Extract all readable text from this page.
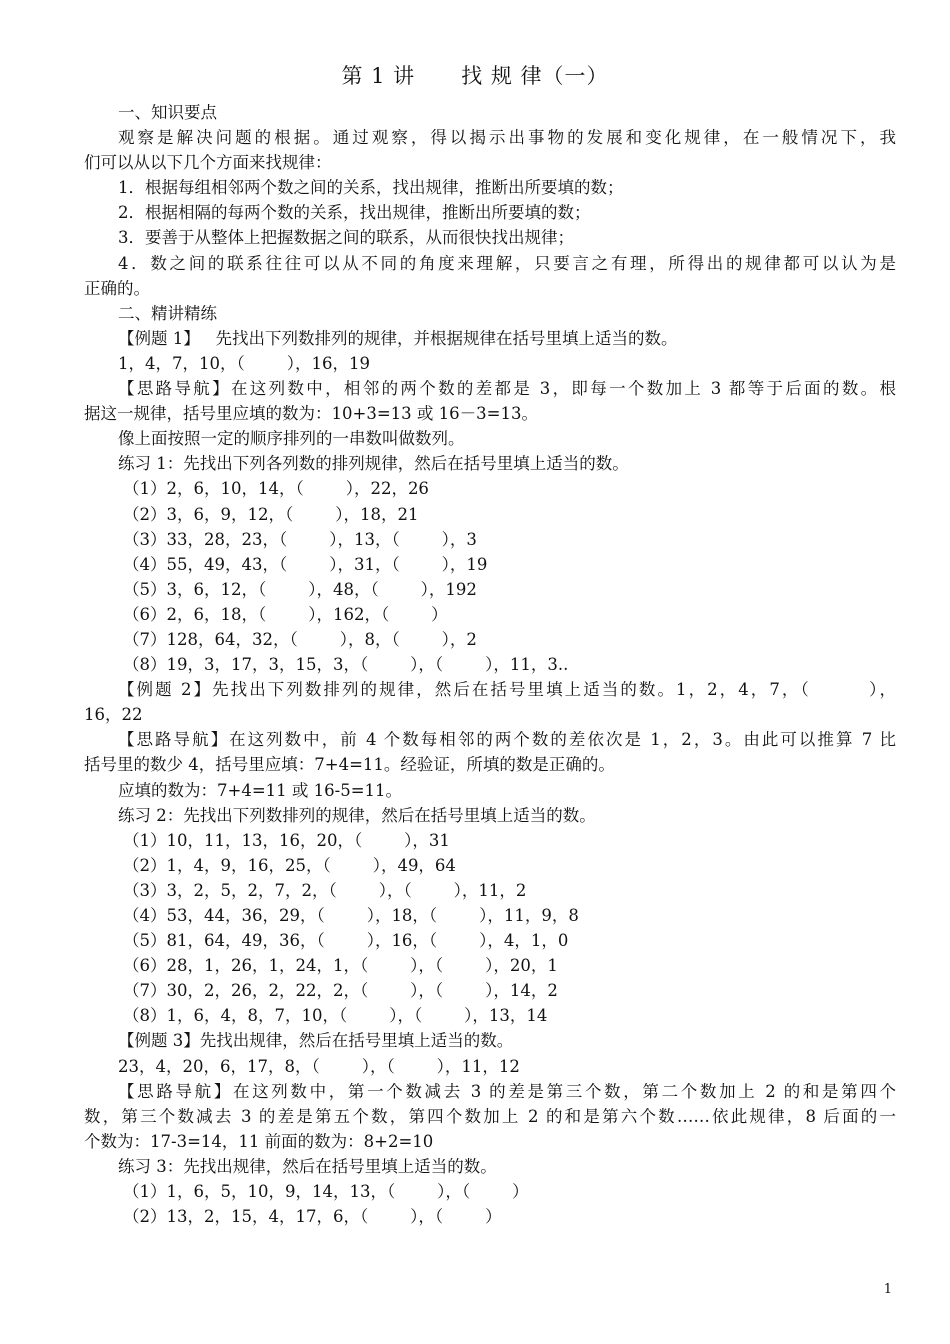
第 1 讲      找 规 律（一）
一、知识要点
观察是解决问题的根据。通过观察，得以揭示出事物的发展和变化规律，在一般情况下，我
们可以从以下几个方面来找规律：
1．根据每组相邻两个数之间的关系，找出规律，推断出所要填的数；
2．根据相隔的每两个数的关系，找出规律，推断出所要填的数；
3．要善于从整体上把握数据之间的联系，从而很快找出规律；
4．数之间的联系往往可以从不同的角度来理解，只要言之有理，所得出的规律都可以认为是
正确的。
二、精讲精练
【例题 1】   先找出下列数排列的规律，并根据规律在括号里填上适当的数。
1，4，7，10，（        ），16，19
【思路导航】在这列数中，相邻的两个数的差都是 3，即每一个数加上 3 都等于后面的数。根
据这一规律，括号里应填的数为：10+3=13 或 16－3=13。
像上面按照一定的顺序排列的一串数叫做数列。
练习 1：先找出下列各列数的排列规律，然后在括号里填上适当的数。
（1）2，6，10，14，（        ），22，26
（2）3，6，9，12，（        ），18，21
（3）33，28，23，（        ），13，（        ），3
（4）55，49，43，（        ），31，（        ），19
（5）3，6，12，（        ），48，（        ），192
（6）2，6，18，（        ），162，（        ）
（7）128，64，32，（        ），8，（        ），2
（8）19，3，17，3，15，3，（        ），（        ），11，3..
【例题 2】先找出下列数排列的规律，然后在括号里填上适当的数。1，2，4，7，（        ），
16，22
【思路导航】在这列数中，前 4 个数每相邻的两个数的差依次是 1，2，3。由此可以推算 7 比
括号里的数少 4，括号里应填：7+4=11。经验证，所填的数是正确的。
应填的数为：7+4=11 或 16-5=11。
练习 2：先找出下列数排列的规律，然后在括号里填上适当的数。
（1）10，11，13，16，20，（        ），31
（2）1，4，9，16，25，（        ），49，64
（3）3，2，5，2，7，2，（        ），（        ），11，2
（4）53，44，36，29，（        ），18，（        ），11，9，8
（5）81，64，49，36，（        ），16，（        ），4，1，0
（6）28，1，26，1，24，1，（        ），（        ），20，1
（7）30，2，26，2，22，2，（        ），（        ），14，2
（8）1，6，4，8，7，10，（        ），（        ），13，14
【例题 3】先找出规律，然后在括号里填上适当的数。
23，4，20，6，17，8，（        ），（        ），11，12
【思路导航】在这列数中，第一个数减去 3 的差是第三个数，第二个数加上 2 的和是第四个
数，第三个数减去 3 的差是第五个数，第四个数加上 2 的和是第六个数……依此规律，8 后面的一
个数为：17-3=14，11 前面的数为：8+2=10
练习 3：先找出规律，然后在括号里填上适当的数。
（1）1，6，5，10，9，14，13，（        ），（        ）
（2）13，2，15，4，17，6，（        ），（        ）
1
